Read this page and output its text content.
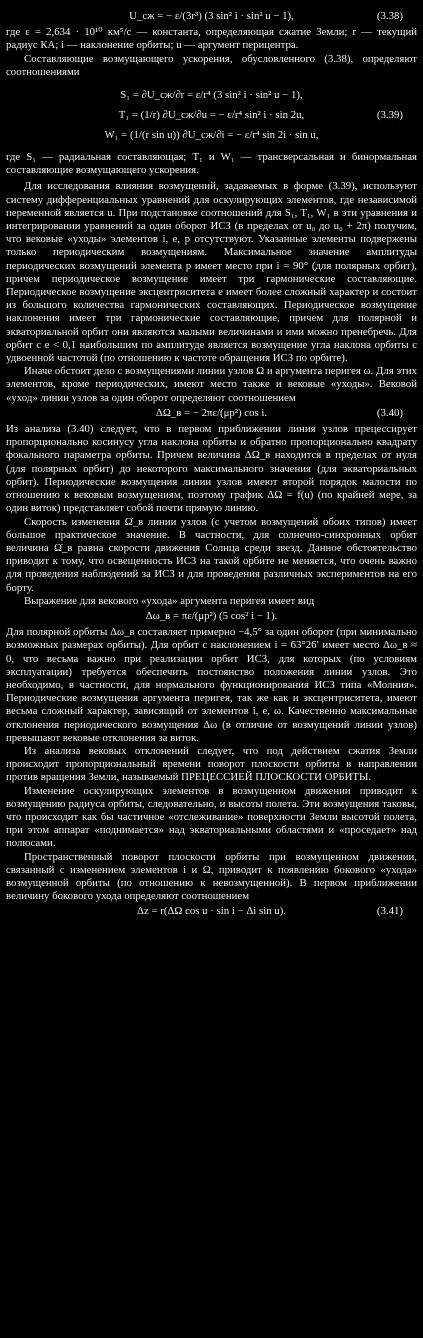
U_сж = − ε/(3r³) (3 sin² i · sin² u − 1),	(3.38)

где ε = 2,634 · 10¹⁰ км⁵/с — константа, определяющая сжатие Земли; r — текущий радиус КА; i — наклонение орбиты; u — аргумент перицентра.

Составляющие возмущающего ускорения, обусловленного (3.38), определяют соотношениями

S₁ = ∂U_сж/∂r = ε/r⁴ (3 sin² i · sin² u − 1),
T₁ = (1/r) ∂U_сж/∂u = − ε/r⁴ sin² i · sin 2u,	(3.39)
W₁ = (1/(r sin u)) ∂U_сж/∂i = − ε/r⁴ sin 2i · sin u,

где S₁ — радиальная составляющая; T₁ и W₁ — трансверсальная и бинормальная составляющие возмущающего ускорения.

Для исследования влияния возмущений, задаваемых в форме (3.39), используют систему дифференциальных уравнений для оскулирующих элементов, где независимой переменной является u. При подстановке соотношений для S₁, T₁, W₁ в эти уравнения и интегрировании уравнений за один оборот ИСЗ (в пределах от u₀ до u₀ + 2π) получим, что вековые «уходы» элементов i, e, p отсутствуют. Указанные элементы подвержены только периодическим возмущениям. Максимальное значение амплитуды периодических возмущений элемента p имеет место при i = 90° (для полярных орбит), причем периодическое возмущение имеет три гармонические составляющие. Периодическое возмущение эксцентриситета e имеет более сложный характер и состоит из большого количества гармонических составляющих. Периодическое возмущение наклонения имеет три гармонические составляющие, причем для полярной и экваториальной орбит они являются малыми величинами и ими можно пренебречь. Для орбит с e < 0,1 наибольшим по амплитуде является возмущение угла наклона орбиты с удвоенной частотой (по отношению к частоте обращения ИСЗ по орбите).

Иначе обстоит дело с возмущениями линии узлов Ω и аргумента перигея ω. Для этих элементов, кроме периодических, имеют место также и вековые «уходы». Вековой «уход» линии узлов за один оборот определяют соотношением

ΔΩ_в = − 2πε/(μp²) cos i.	(3.40)

Из анализа (3.40) следует, что в первом приближении линия узлов прецессирует пропорционально косинусу угла наклона орбиты и обратно пропорционально квадрату фокального параметра орбиты. Причем величина ΔΩ_в находится в пределах от нуля (для полярных орбит) до некоторого максимального значения (для экваториальных орбит). Периодические возмущения линии узлов имеют второй порядок малости по отношению к вековым возмущениям, поэтому график ΔΩ = f(u) (по крайней мере, за один виток) представляет собой почти прямую линию.

Скорость изменения Ω̇_в линии узлов (с учетом возмущений обоих типов) имеет большое практическое значение. В частности, для солнечно-синхронных орбит величина Ω̇_в равна скорости движения Солнца среди звезд. Данное обстоятельство приводит к тому, что освещенность ИСЗ на такой орбите не меняется, что очень важно для проведения наблюдений за ИСЗ и для проведения различных экспериментов на его борту.

Выражение для векового «ухода» аргумента перигея имеет вид

Δω_в = πε/(μp²) (5 cos² i − 1).

Для полярной орбиты Δω_в составляет примерно −4,5° за один оборот (при минимально возможных размерах орбиты). Для орбит с наклонением i = 63°26′ имеет место Δω_в ≈ 0, что весьма важно при реализации орбит ИСЗ, для которых (по условиям эксплуатации) требуется обеспечить постоянство положения линии узлов. Это необходимо, в частности, для нормального функционирования ИСЗ типа «Молния». Периодические возмущения аргумента перигея, так же как и эксцентриситета, имеют весьма сложный характер, зависящий от элементов i, e, ω. Качественно максимальные отклонения периодического возмущения Δω (в отличие от возмущений линии узлов) превышают вековые отклонения за виток.

Из анализа вековых отклонений следует, что под действием сжатия Земли происходит пропорциональный времени поворот плоскости орбиты в направлении против вращения Земли, называемый ПРЕЦЕССИЕЙ ПЛОСКОСТИ ОРБИТЫ.

Изменение оскулирующих элементов в возмущенном движении приводит к возмущению радиуса орбиты, следовательно, и высоты полета. Эти возмущения таковы, что происходит как бы частичное «отслеживание» поверхности Земли высотой полета, при этом аппарат «поднимается» над экваториальными областями и «проседает» над полюсами.

Пространственный поворот плоскости орбиты при возмущенном движении, связанный с изменением элементов i и Ω, приводит к появлению бокового «ухода» возмущенной орбиты (по отношению к невозмущенной). В первом приближении величину бокового ухода определяют соотношением

Δz = r(ΔΩ cos u · sin i − Δi sin u).	(3.41)
